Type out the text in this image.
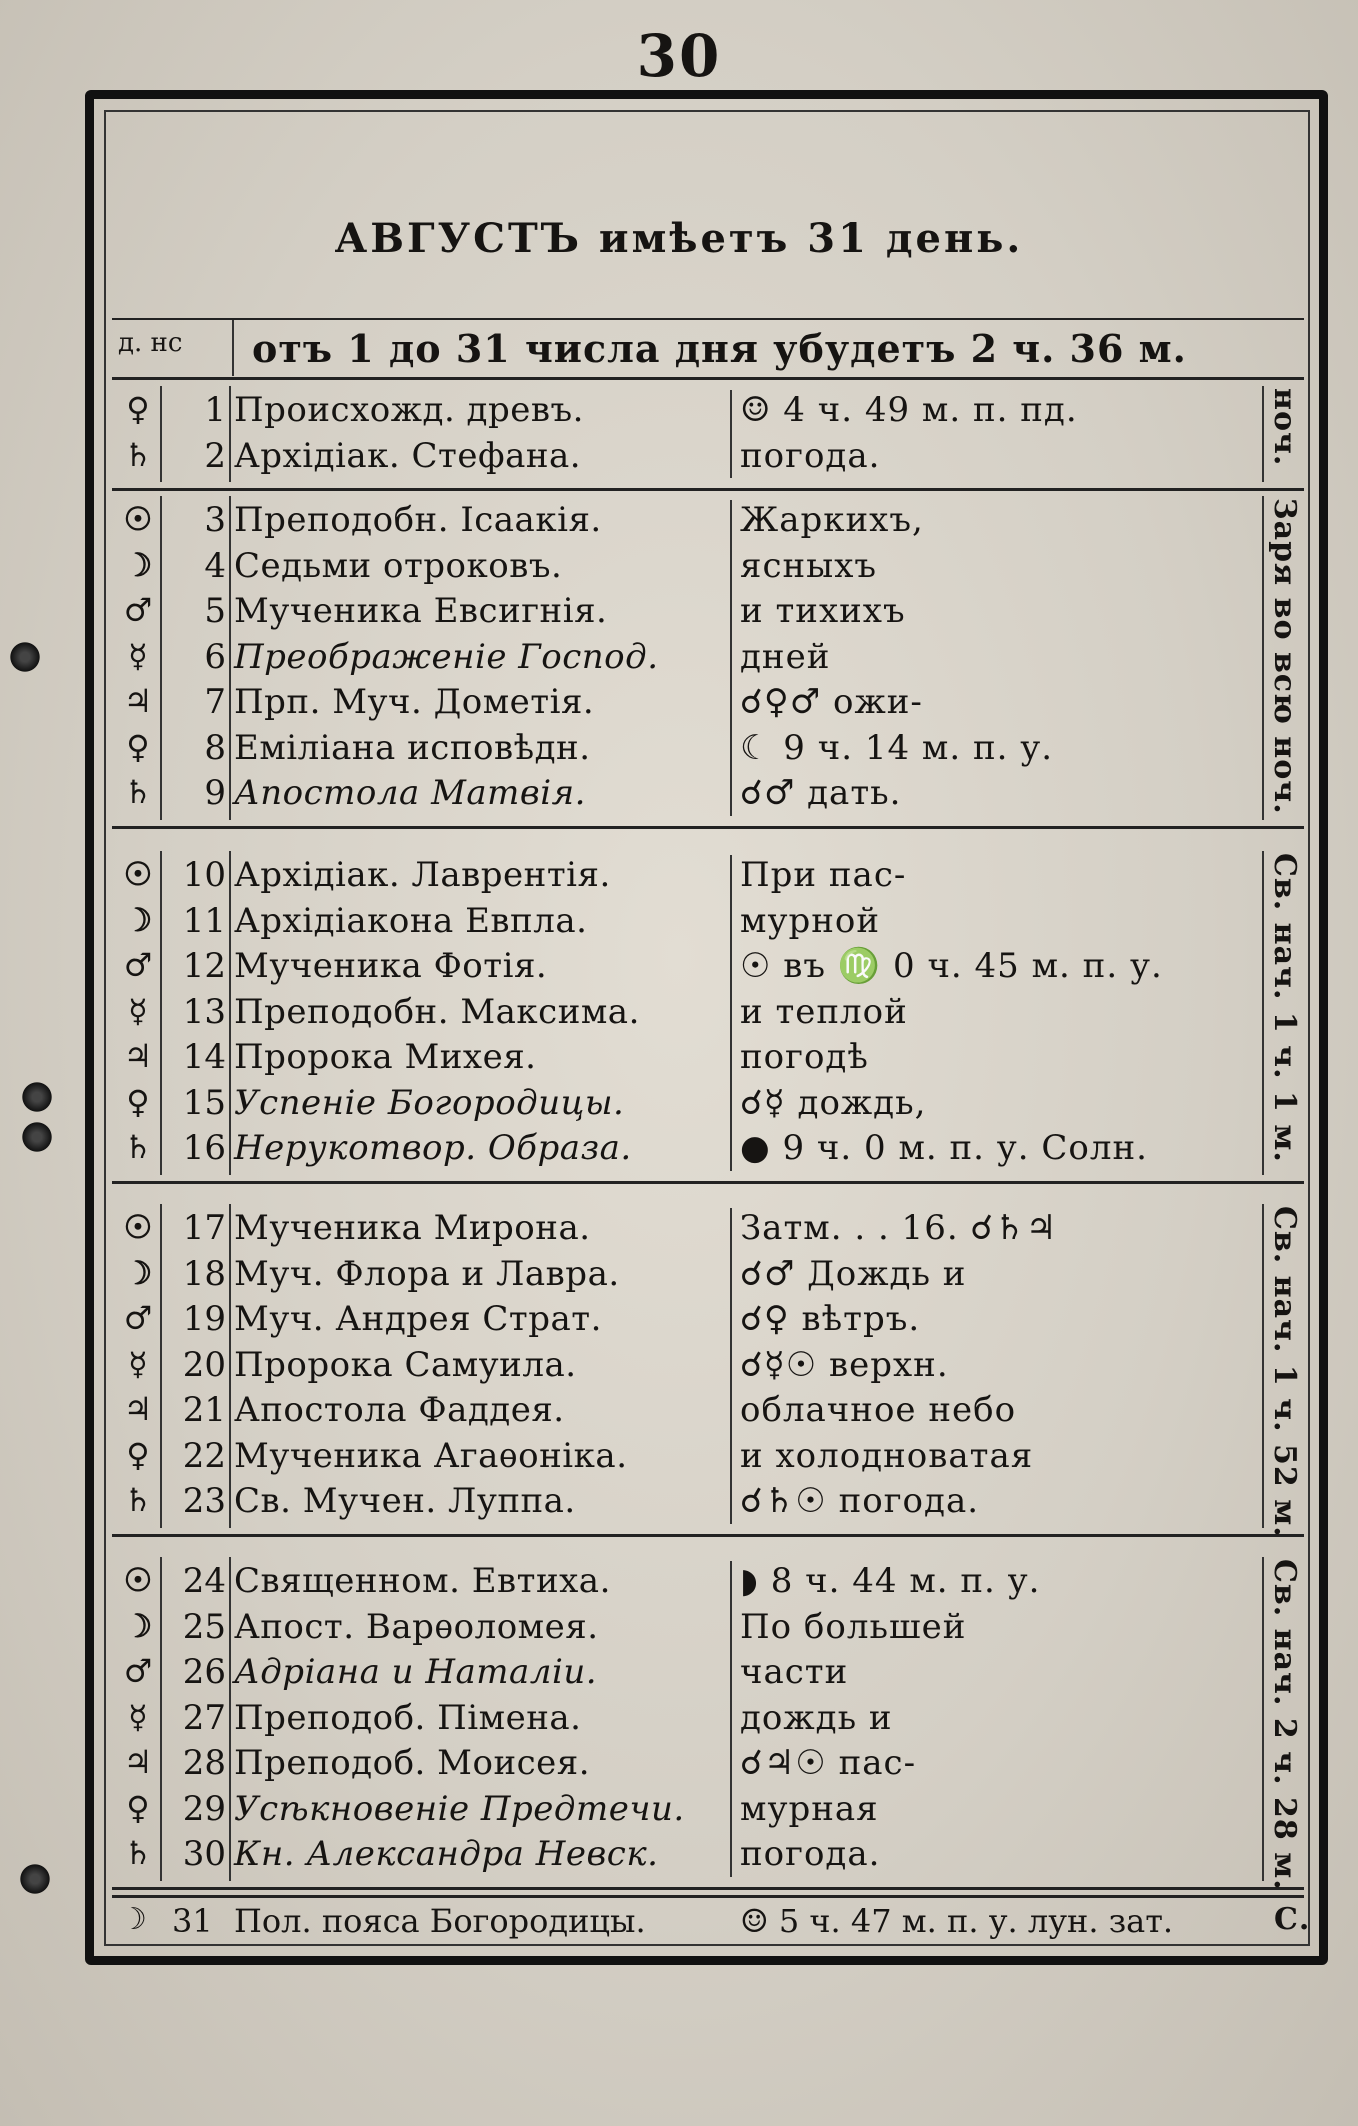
30
АВГУСТЪ имѣетъ 31 день.
д. нс отъ 1 до 31 числа дня убудетъ 2 ч. 36 м.
♀	1 Происхожд. древъ.	☺ 4 ч. 49 м. п. пд.
♄	2 Архідіак. Стефана.	погода.	ноч.
☉	3 Преподобн. Ісаакія.	Жаркихъ,
☽	4 Седьми отроковъ.	ясныхъ
♂	5 Мученика Евсигнія.	и тихихъ
☿	6 Преображеніе Господ.	дней
♃	7 Прп. Муч. Дометія.	☌♀♂ ожи-
♀	8 Еміліана исповѣдн.	☾ 9 ч. 14 м. п. у.
♄	9 Апостола Матвія.	☌♂ дать.	Заря во всю ноч.
☉ 10 Архідіак. Лаврентія.	При пас-
☽ 11 Архідіакона Евпла.	мурной
♂ 12 Мученика Фотія.	☉ въ ♍ 0 ч. 45 м. п. у.
☿	13 Преподобн. Максима.	и теплой
♃ 14 Пророка Михея.	погодѣ
♀ 15 Успеніе Богородицы.	☌☿ дождь,
♄ 16 Нерукотвор. Образа.	● 9 ч. 0 м. п. у. Солн.	Св. нач. 1 ч. 1 м.
☉ 17 Мученика Мирона.	Затм. . . 16. ☌♄♃
☽ 18 Муч. Флора и Лавра.	☌♂ Дождь и
♂ 19 Муч. Андрея Страт.	☌♀ вѣтръ.
☿	20 Пророка Самуила.	☌☿☉ верхн.
♃ 21 Апостола Фаддея.	облачное небо
♀ 22 Мученика Агаѳоніка.	и холодноватая
♄ 23 Св. Мучен. Луппа.	☌♄☉ погода.	Св. нач. 1 ч. 52 м.
☉ 24 Священном. Евтиха.	◗ 8 ч. 44 м. п. у.
☽ 25 Апост. Варѳоломея.	По большей
♂ 26 Адріана и Наталіи.	части
☿	27 Преподоб. Пімена.	дождь и
♃ 28 Преподоб. Моисея.	☌♃☉ пас-
♀ 29 Усѣкновеніе Предтечи.	мурная
♄ 30 Кн. Александра Невск.	погода.	Св. нач. 2 ч. 28 м.
☽ 31 Пол. пояса Богородицы.	☺ 5 ч. 47 м. п. у. лун. зат.	С.
